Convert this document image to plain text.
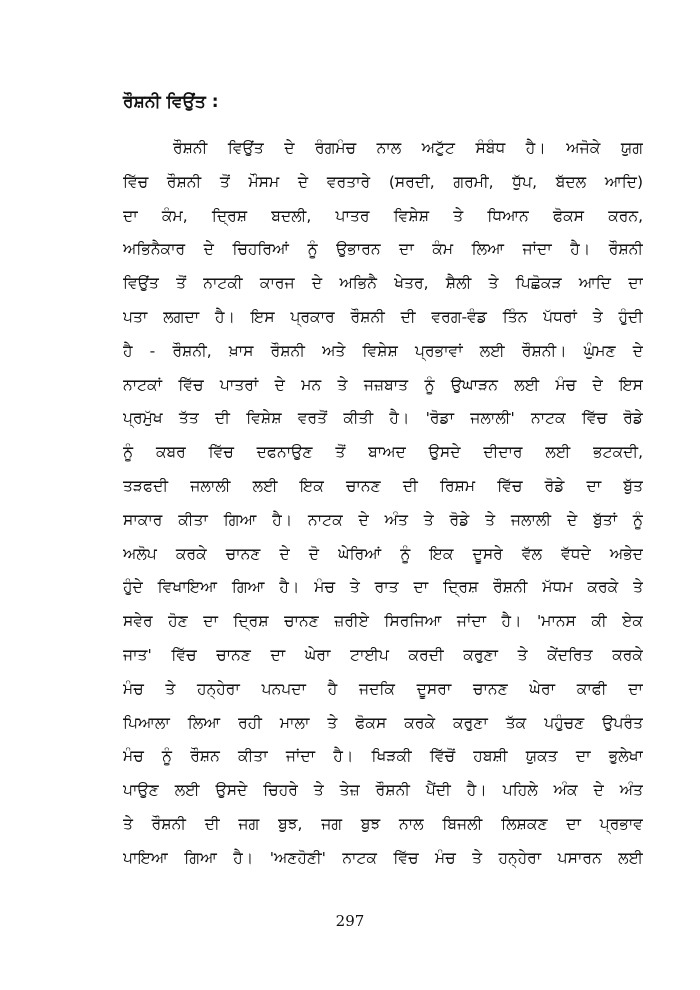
ਰੌਸ਼ਨੀ ਵਿਉਂਤ :

ਰੌਸ਼ਨੀ ਵਿਉਂਤ ਦੇ ਰੰਗਮੰਚ ਨਾਲ ਅਟੁੱਟ ਸੰਬੰਧ ਹੈ। ਅਜੋਕੇ ਯੁਗ
ਵਿੱਚ ਰੌਸ਼ਨੀ ਤੋਂ ਮੌਸਮ ਦੇ ਵਰਤਾਰੇ (ਸਰਦੀ, ਗਰਮੀ, ਧੁੱਪ, ਬੱਦਲ ਆਦਿ)
ਦਾ ਕੰਮ, ਦ੍ਰਿਸ਼ ਬਦਲੀ, ਪਾਤਰ ਵਿਸ਼ੇਸ਼ ਤੇ ਧਿਆਨ ਫੋਕਸ ਕਰਨ,
ਅਭਿਨੈਕਾਰ ਦੇ ਚਿਹਰਿਆਂ ਨੂੰ ਉਭਾਰਨ ਦਾ ਕੰਮ ਲਿਆ ਜਾਂਦਾ ਹੈ। ਰੌਸ਼ਨੀ
ਵਿਉਂਤ ਤੋਂ ਨਾਟਕੀ ਕਾਰਜ ਦੇ ਅਭਿਨੈ ਖੇਤਰ, ਸ਼ੈਲੀ ਤੇ ਪਿਛੋਕੜ ਆਦਿ ਦਾ
ਪਤਾ ਲਗਦਾ ਹੈ। ਇਸ ਪ੍ਰਕਾਰ ਰੌਸ਼ਨੀ ਦੀ ਵਰਗ-ਵੰਡ ਤਿੰਨ ਪੱਧਰਾਂ ਤੇ ਹੁੰਦੀ
ਹੈ - ਰੌਸ਼ਨੀ, ਖ਼ਾਸ ਰੌਸ਼ਨੀ ਅਤੇ ਵਿਸ਼ੇਸ਼ ਪ੍ਰਭਾਵਾਂ ਲਈ ਰੌਸ਼ਨੀ। ਘੁੰਮਣ ਦੇ
ਨਾਟਕਾਂ ਵਿੱਚ ਪਾਤਰਾਂ ਦੇ ਮਨ ਤੇ ਜਜ਼ਬਾਤ ਨੂੰ ਉਘਾੜਨ ਲਈ ਮੰਚ ਦੇ ਇਸ
ਪ੍ਰਮੁੱਖ ਤੱਤ ਦੀ ਵਿਸ਼ੇਸ਼ ਵਰਤੋਂ ਕੀਤੀ ਹੈ। 'ਰੋਡਾ ਜਲਾਲੀ' ਨਾਟਕ ਵਿੱਚ ਰੋਡੇ
ਨੂੰ ਕਬਰ ਵਿੱਚ ਦਫਨਾਉਣ ਤੋਂ ਬਾਅਦ ਉਸਦੇ ਦੀਦਾਰ ਲਈ ਭਟਕਦੀ,
ਤੜਫਦੀ ਜਲਾਲੀ ਲਈ ਇਕ ਚਾਨਣ ਦੀ ਰਿਸ਼ਮ ਵਿੱਚ ਰੋਡੇ ਦਾ ਬੁੱਤ
ਸਾਕਾਰ ਕੀਤਾ ਗਿਆ ਹੈ। ਨਾਟਕ ਦੇ ਅੰਤ ਤੇ ਰੋਡੇ ਤੇ ਜਲਾਲੀ ਦੇ ਬੁੱਤਾਂ ਨੂੰ
ਅਲੋਪ ਕਰਕੇ ਚਾਨਣ ਦੇ ਦੋ ਘੇਰਿਆਂ ਨੂੰ ਇਕ ਦੂਸਰੇ ਵੱਲ ਵੱਧਦੇ ਅਭੇਦ
ਹੁੰਦੇ ਵਿਖਾਇਆ ਗਿਆ ਹੈ। ਮੰਚ ਤੇ ਰਾਤ ਦਾ ਦ੍ਰਿਸ਼ ਰੌਸ਼ਨੀ ਮੱਧਮ ਕਰਕੇ ਤੇ
ਸਵੇਰ ਹੋਣ ਦਾ ਦ੍ਰਿਸ਼ ਚਾਨਣ ਜ਼ਰੀਏ ਸਿਰਜਿਆ ਜਾਂਦਾ ਹੈ। 'ਮਾਨਸ ਕੀ ਏਕ
ਜਾਤ' ਵਿੱਚ ਚਾਨਣ ਦਾ ਘੇਰਾ ਟਾਈਪ ਕਰਦੀ ਕਰੁਣਾ ਤੇ ਕੇਂਦਰਿਤ ਕਰਕੇ
ਮੰਚ ਤੇ ਹਨ੍ਹੇਰਾ ਪਨਪਦਾ ਹੈ ਜਦਕਿ ਦੂਸਰਾ ਚਾਨਣ ਘੇਰਾ ਕਾਫੀ ਦਾ
ਪਿਆਲਾ ਲਿਆ ਰਹੀ ਮਾਲਾ ਤੇ ਫੋਕਸ ਕਰਕੇ ਕਰੁਣਾ ਤੱਕ ਪਹੁੰਚਣ ਉਪਰੰਤ
ਮੰਚ ਨੂੰ ਰੌਸ਼ਨ ਕੀਤਾ ਜਾਂਦਾ ਹੈ। ਖਿੜਕੀ ਵਿੱਚੋਂ ਹਬਸ਼ੀ ਯੁਕਤ ਦਾ ਭੁਲੇਖਾ
ਪਾਉਣ ਲਈ ਉਸਦੇ ਚਿਹਰੇ ਤੇ ਤੇਜ਼ ਰੌਸ਼ਨੀ ਪੈਂਦੀ ਹੈ। ਪਹਿਲੇ ਅੰਕ ਦੇ ਅੰਤ
ਤੇ ਰੌਸ਼ਨੀ ਦੀ ਜਗ ਬੁਝ, ਜਗ ਬੁਝ ਨਾਲ ਬਿਜਲੀ ਲਿਸ਼ਕਣ ਦਾ ਪ੍ਰਭਾਵ
ਪਾਇਆ ਗਿਆ ਹੈ। 'ਅਣਹੋਣੀ' ਨਾਟਕ ਵਿੱਚ ਮੰਚ ਤੇ ਹਨ੍ਹੇਰਾ ਪਸਾਰਨ ਲਈ
297
